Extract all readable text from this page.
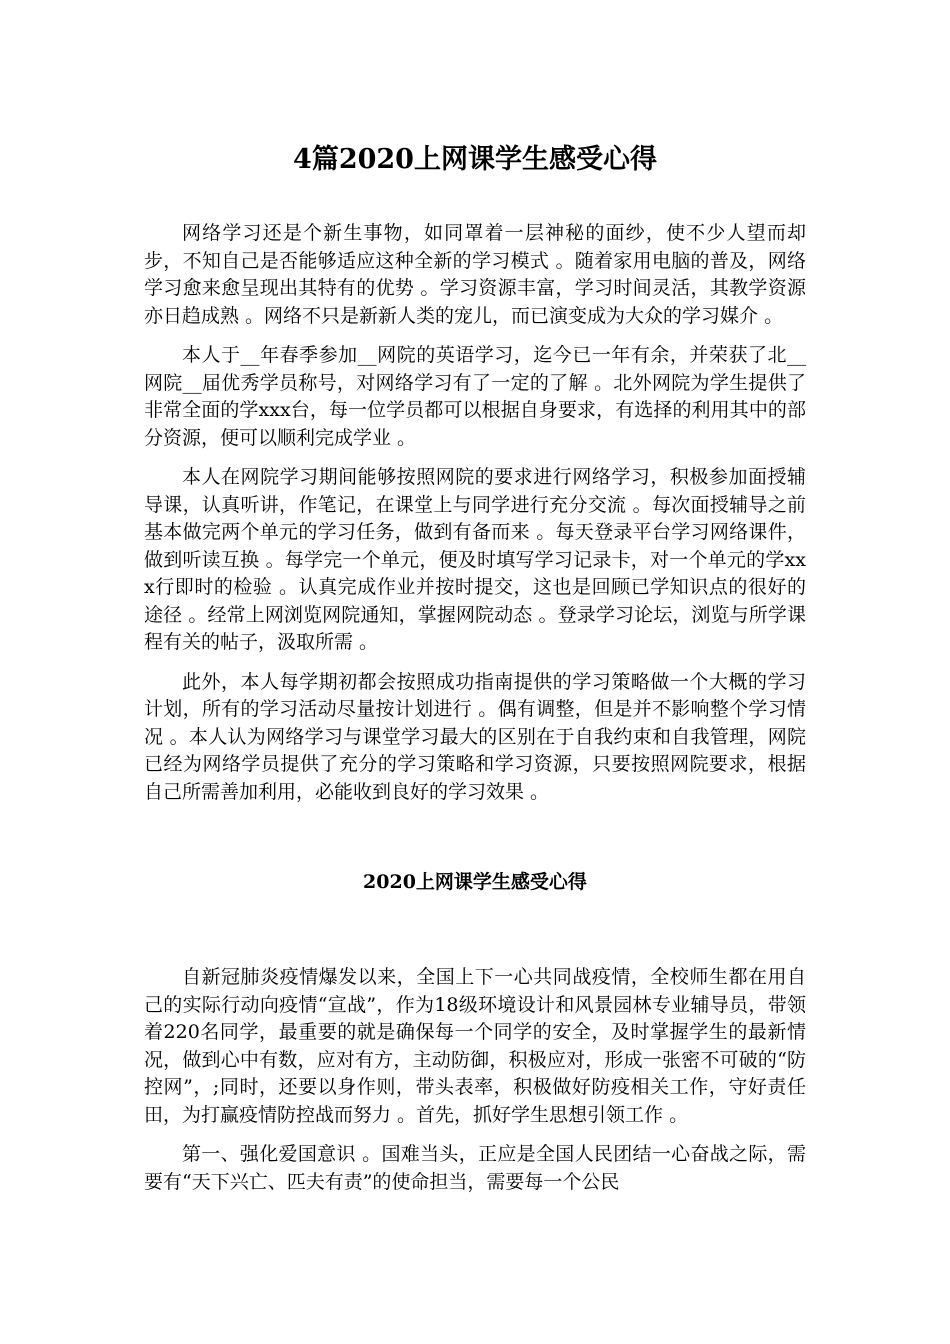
4篇2020上网课学生感受心得

网络学习还是个新生事物，如同罩着一层神秘的面纱，使不少人望而却步，不知自己是否能够适应这种全新的学习模式 。随着家用电脑的普及，网络学习愈来愈呈现出其特有的优势 。学习资源丰富，学习时间灵活，其教学资源亦日趋成熟 。网络不只是新新人类的宠儿，而已演变成为大众的学习媒介 。

本人于__年春季参加__网院的英语学习，迄今已一年有余，并荣获了北__网院__届优秀学员称号，对网络学习有了一定的了解 。北外网院为学生提供了非常全面的学xxx台，每一位学员都可以根据自身要求，有选择的利用其中的部分资源，便可以顺利完成学业 。

本人在网院学习期间能够按照网院的要求进行网络学习，积极参加面授辅导课，认真听讲，作笔记，在课堂上与同学进行充分交流 。每次面授辅导之前基本做完两个单元的学习任务，做到有备而来 。每天登录平台学习网络课件，做到听读互换 。每学完一个单元，便及时填写学习记录卡，对一个单元的学xxx行即时的检验 。认真完成作业并按时提交，这也是回顾已学知识点的很好的途径 。经常上网浏览网院通知，掌握网院动态 。登录学习论坛，浏览与所学课程有关的帖子，汲取所需 。

此外，本人每学期初都会按照成功指南提供的学习策略做一个大概的学习计划，所有的学习活动尽量按计划进行 。偶有调整，但是并不影响整个学习情况 。本人认为网络学习与课堂学习最大的区别在于自我约束和自我管理，网院已经为网络学员提供了充分的学习策略和学习资源，只要按照网院要求，根据自己所需善加利用，必能收到良好的学习效果 。

2020上网课学生感受心得

自新冠肺炎疫情爆发以来，全国上下一心共同战疫情，全校师生都在用自己的实际行动向疫情“宣战”，作为18级环境设计和风景园林专业辅导员，带领着220名同学，最重要的就是确保每一个同学的安全，及时掌握学生的最新情况，做到心中有数，应对有方，主动防御，积极应对，形成一张密不可破的“防控网”，;同时，还要以身作则，带头表率，积极做好防疫相关工作，守好责任田，为打赢疫情防控战而努力 。首先，抓好学生思想引领工作 。

第一、强化爱国意识 。国难当头，正应是全国人民团结一心奋战之际，需要有“天下兴亡、匹夫有责”的使命担当，需要每一个公民
